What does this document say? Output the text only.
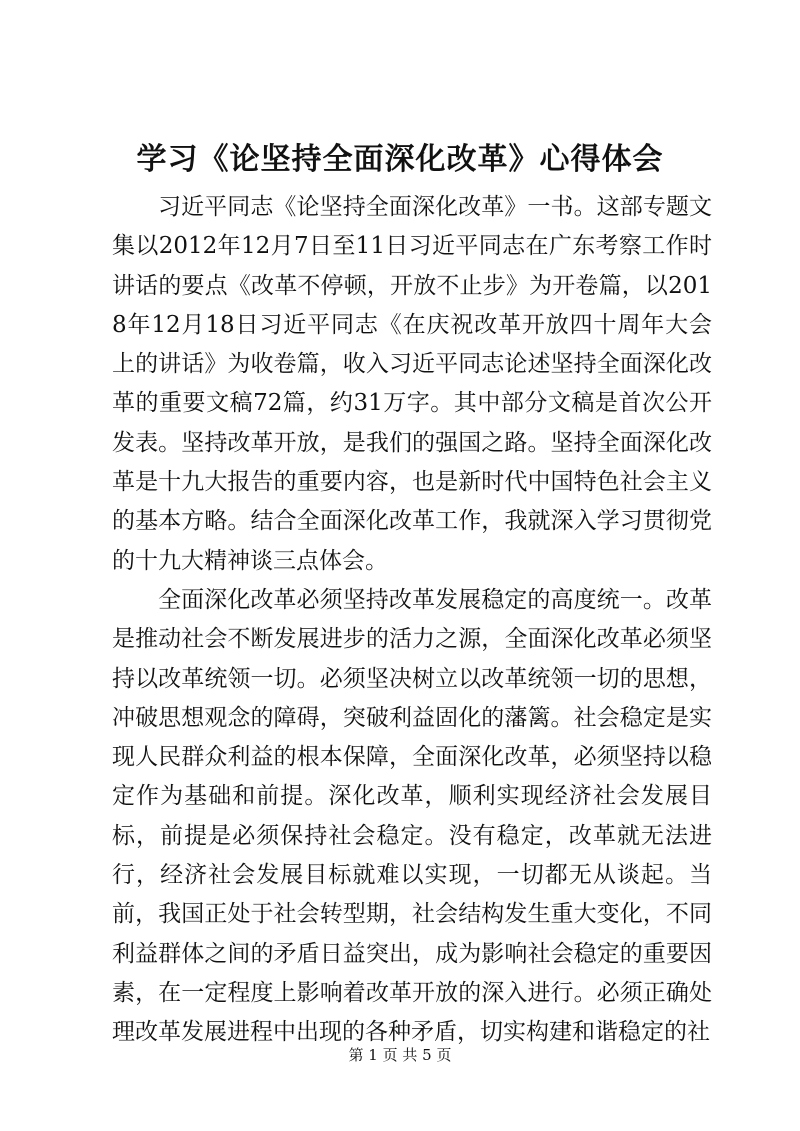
学习《论坚持全面深化改革》心得体会

习近平同志《论坚持全面深化改革》一书。这部专题文集以2012年12月7日至11日习近平同志在广东考察工作时讲话的要点《改革不停顿，开放不止步》为开卷篇，以2018年12月18日习近平同志《在庆祝改革开放四十周年大会上的讲话》为收卷篇，收入习近平同志论述坚持全面深化改革的重要文稿72篇，约31万字。其中部分文稿是首次公开发表。坚持改革开放，是我们的强国之路。坚持全面深化改革是十九大报告的重要内容，也是新时代中国特色社会主义的基本方略。结合全面深化改革工作，我就深入学习贯彻党的十九大精神谈三点体会。

全面深化改革必须坚持改革发展稳定的高度统一。改革是推动社会不断发展进步的活力之源，全面深化改革必须坚持以改革统领一切。必须坚决树立以改革统领一切的思想，冲破思想观念的障碍，突破利益固化的藩篱。社会稳定是实现人民群众利益的根本保障，全面深化改革，必须坚持以稳定作为基础和前提。深化改革，顺利实现经济社会发展目标，前提是必须保持社会稳定。没有稳定，改革就无法进行，经济社会发展目标就难以实现，一切都无从谈起。当前，我国正处于社会转型期，社会结构发生重大变化，不同利益群体之间的矛盾日益突出，成为影响社会稳定的重要因素，在一定程度上影响着改革开放的深入进行。必须正确处理改革发展进程中出现的各种矛盾，切实构建和谐稳定的社

第 1 页 共 5 页
